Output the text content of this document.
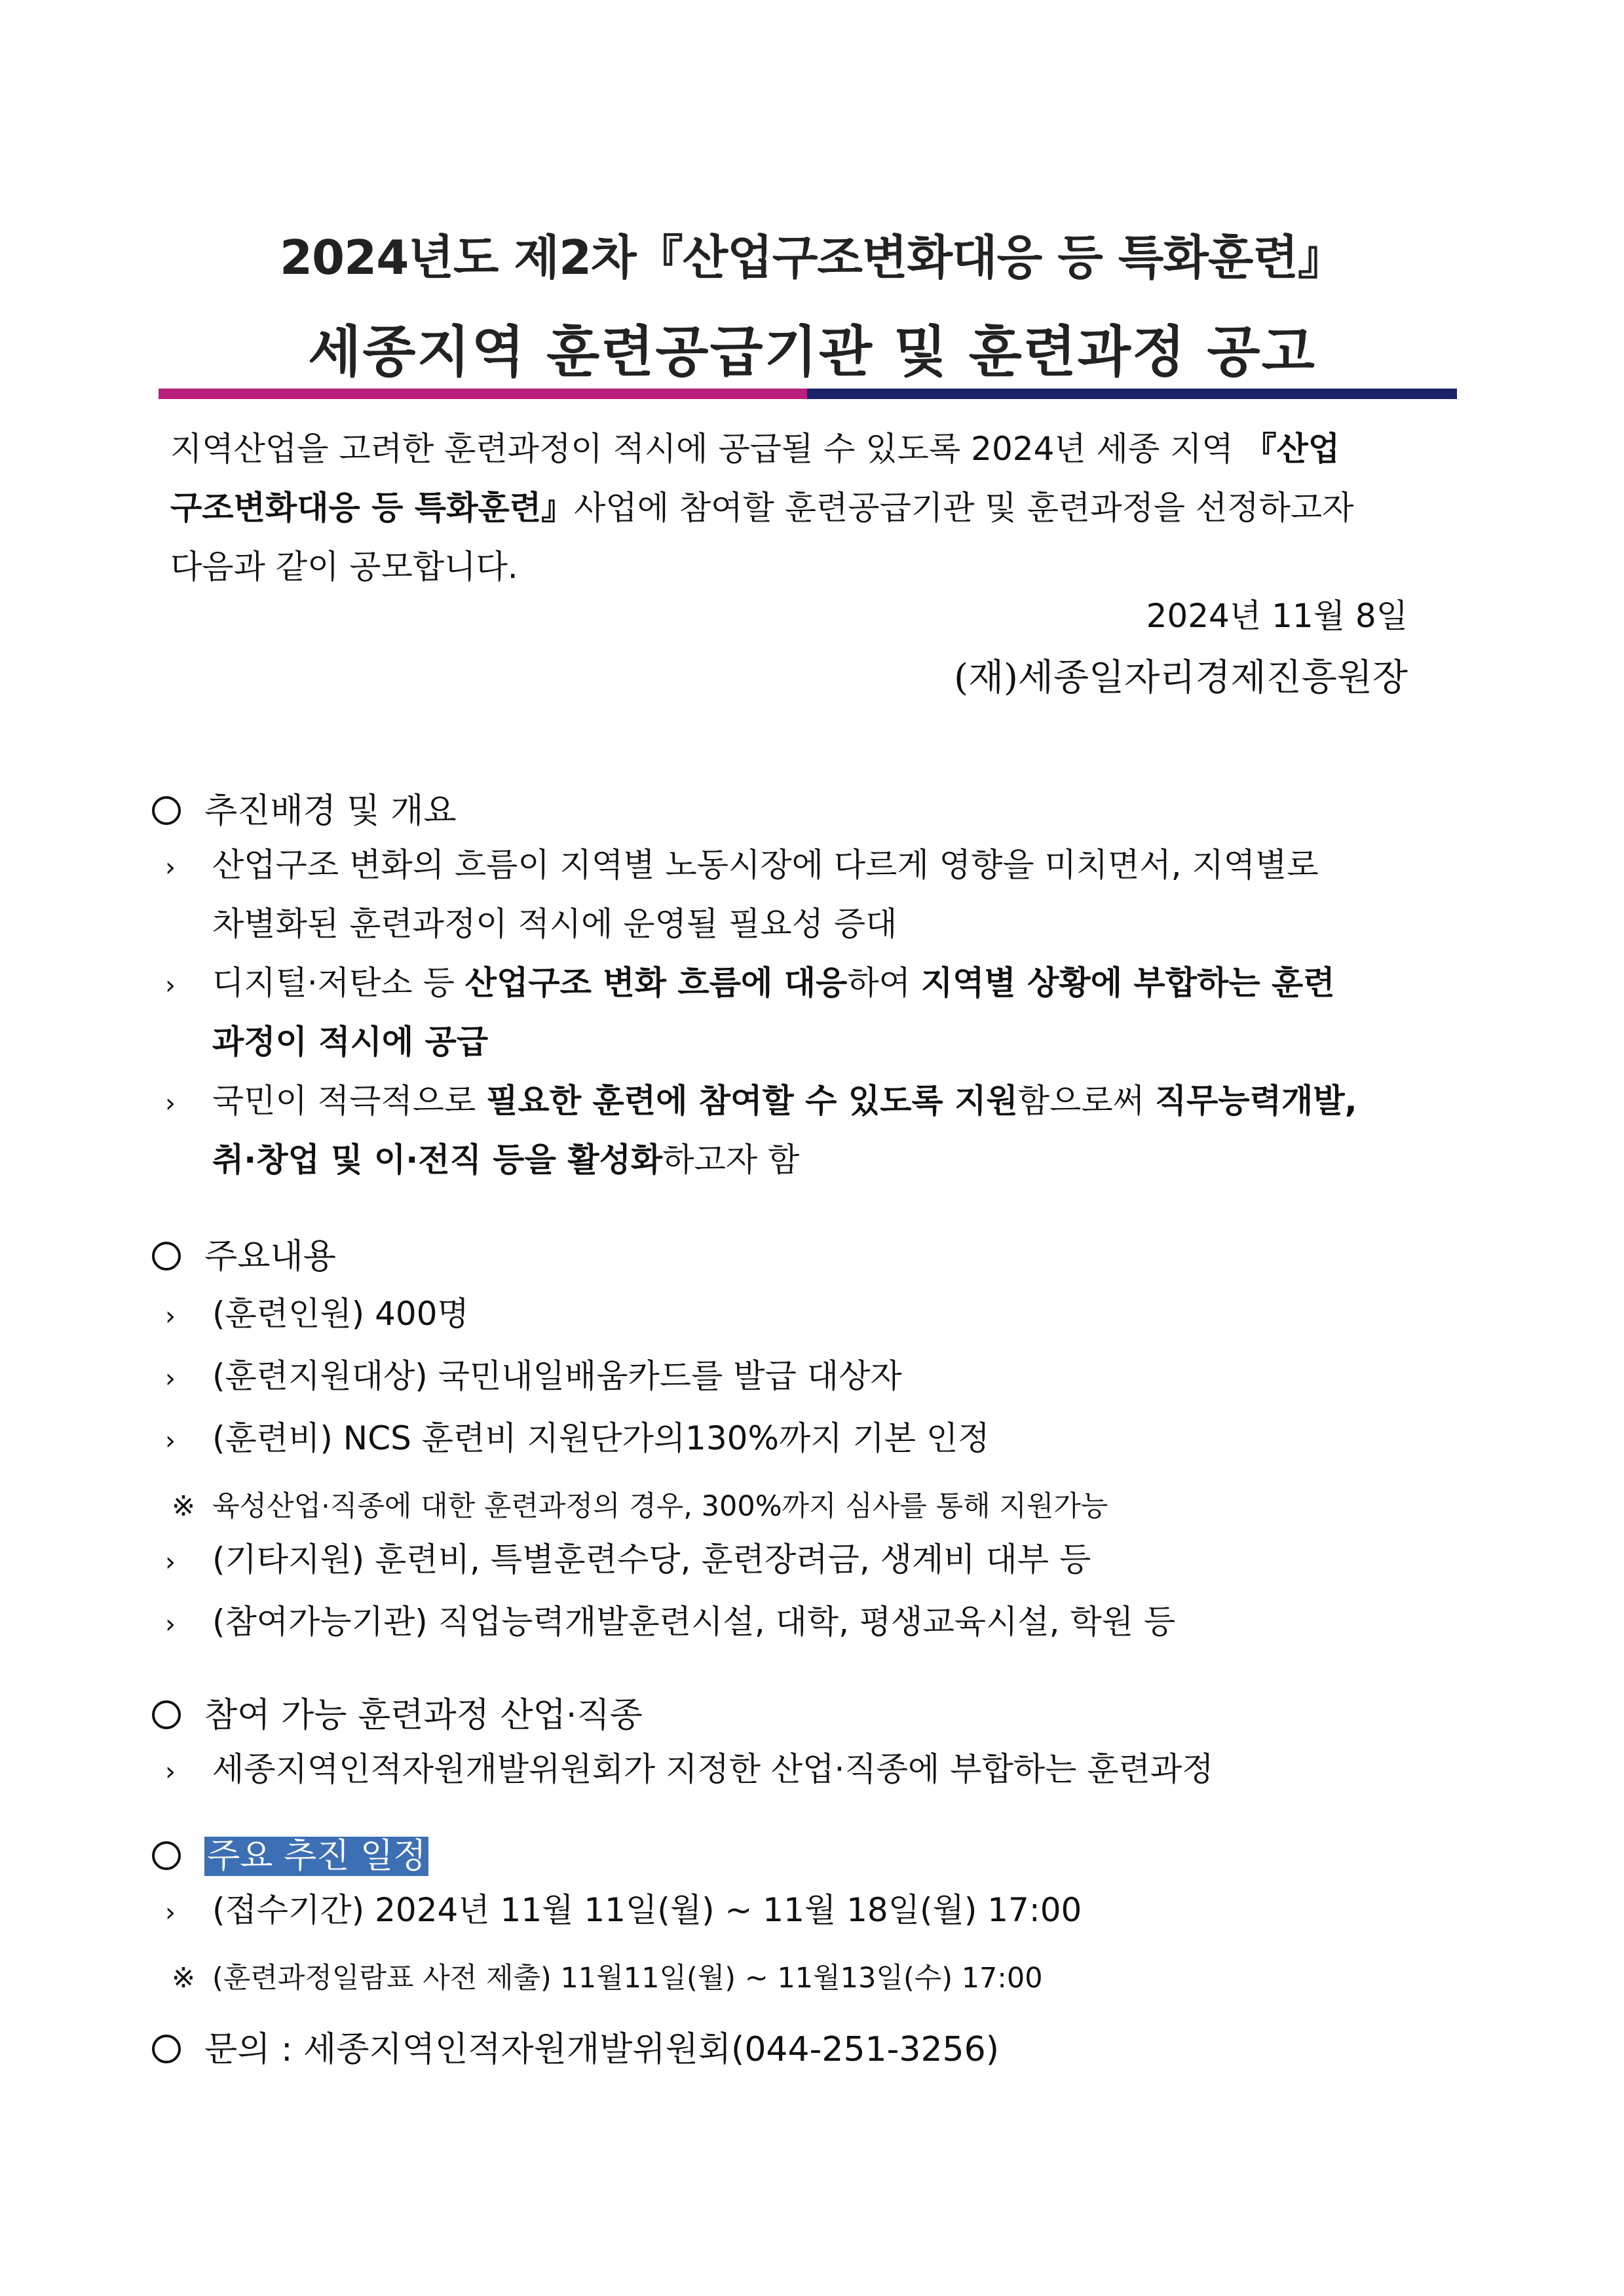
2024년도 제2차『산업구조변화대응 등 특화훈련』
세종지역 훈련공급기관 및 훈련과정 공고
지역산업을 고려한 훈련과정이 적시에 공급될 수 있도록 2024년 세종 지역 『산업
구조변화대응 등 특화훈련』사업에 참여할 훈련공급기관 및 훈련과정을 선정하고자
다음과 같이 공모합니다.
2024년 11월 8일
(재)세종일자리경제진흥원장
추진배경 및 개요
› 산업구조 변화의 흐름이 지역별 노동시장에 다르게 영향을 미치면서, 지역별로
차별화된 훈련과정이 적시에 운영될 필요성 증대
› 디지털·저탄소 등 산업구조 변화 흐름에 대응하여 지역별 상황에 부합하는 훈련
과정이 적시에 공급
› 국민이 적극적으로 필요한 훈련에 참여할 수 있도록 지원함으로써 직무능력개발,
취·창업 및 이·전직 등을 활성화하고자 함
주요내용
› (훈련인원) 400명
› (훈련지원대상) 국민내일배움카드를 발급 대상자
› (훈련비) NCS 훈련비 지원단가의130%까지 기본 인정
※ 육성산업·직종에 대한 훈련과정의 경우, 300%까지 심사를 통해 지원가능
› (기타지원) 훈련비, 특별훈련수당, 훈련장려금, 생계비 대부 등
› (참여가능기관) 직업능력개발훈련시설, 대학, 평생교육시설, 학원 등
참여 가능 훈련과정 산업·직종
› 세종지역인적자원개발위원회가 지정한 산업·직종에 부합하는 훈련과정
주요 추진 일정
› (접수기간) 2024년 11월 11일(월) ~ 11월 18일(월) 17:00
※ (훈련과정일람표 사전 제출) 11월11일(월) ~ 11월13일(수) 17:00
문의 : 세종지역인적자원개발위원회(044-251-3256)
